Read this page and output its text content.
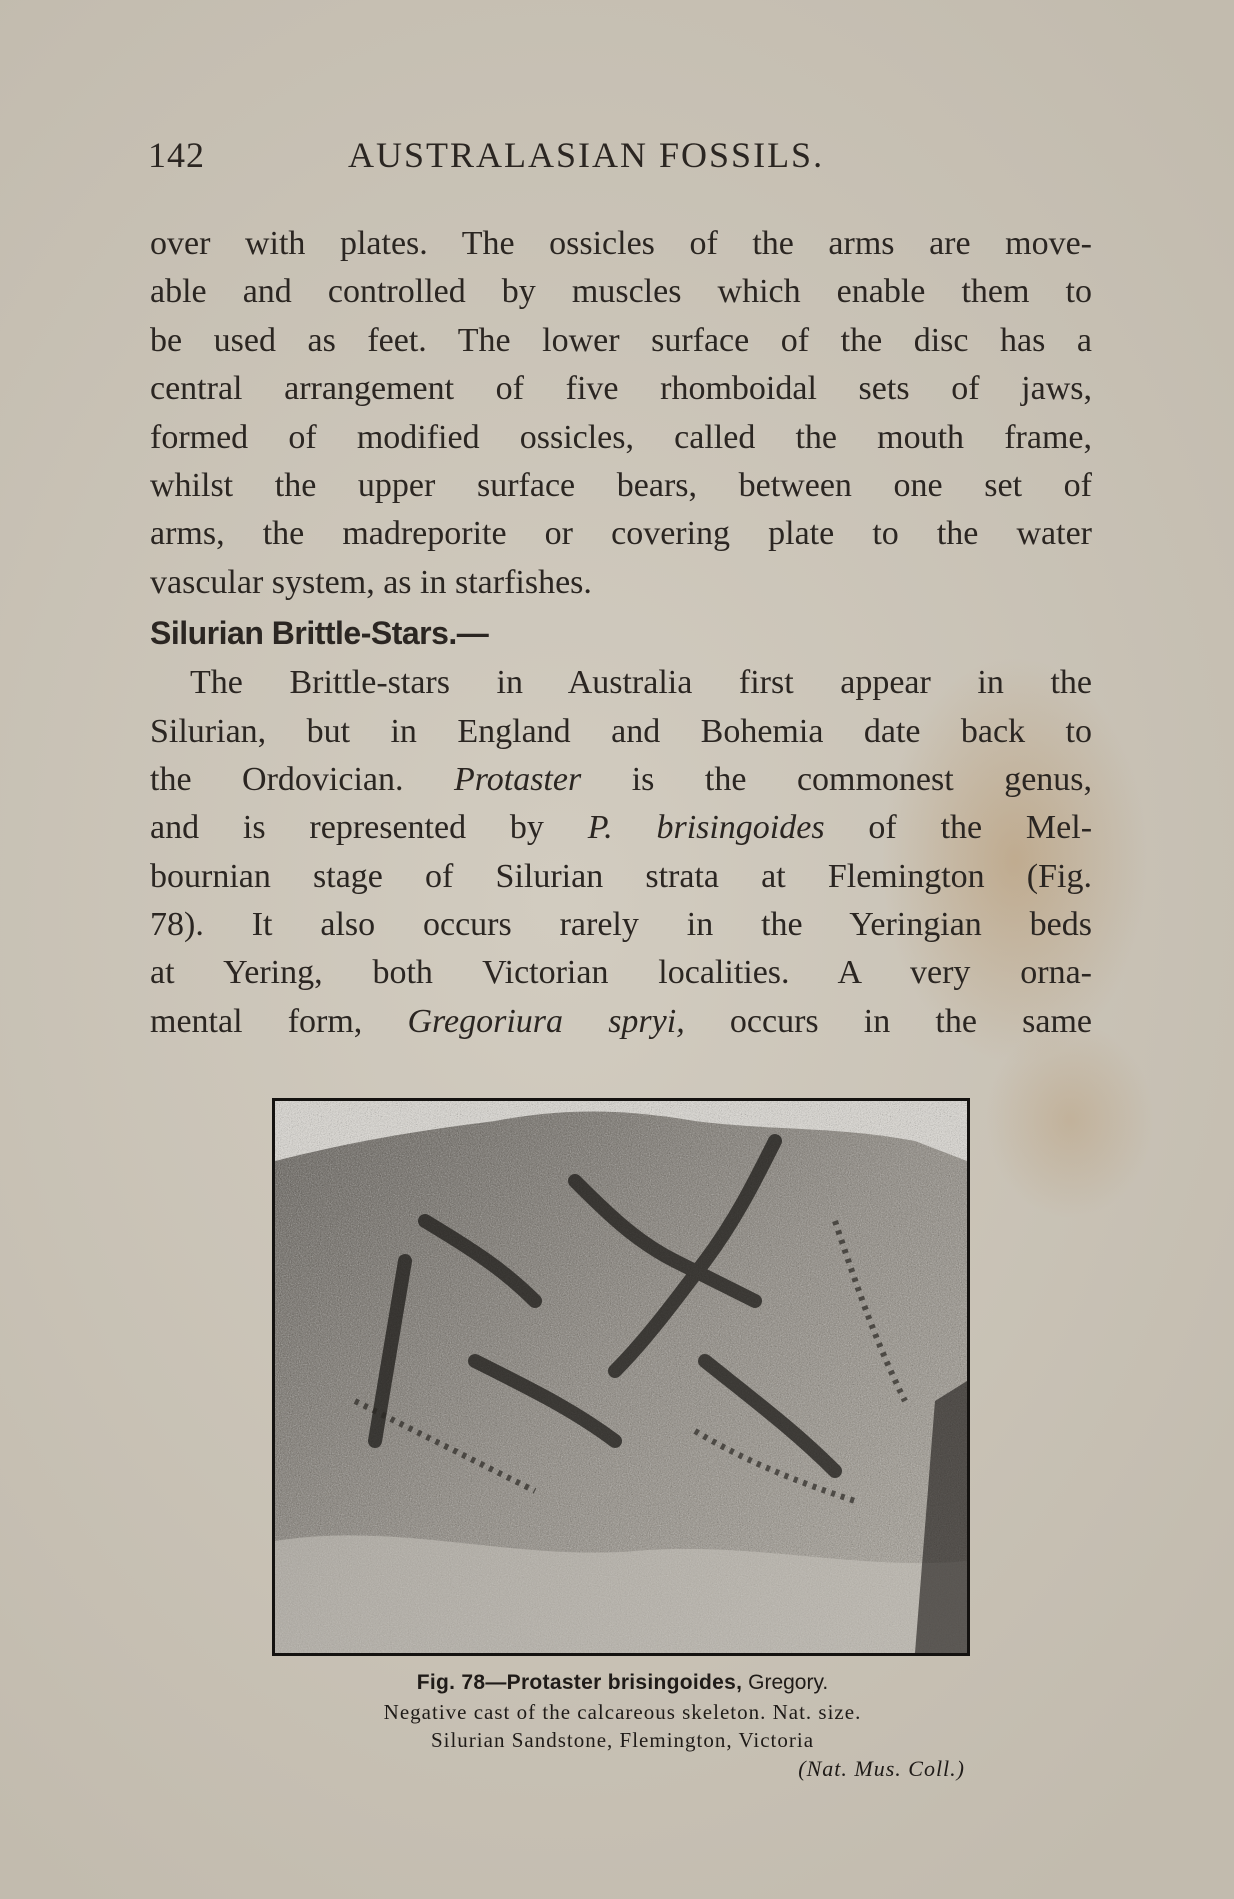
142	AUSTRALASIAN FOSSILS.
over with plates. The ossicles of the arms are move-
able and controlled by muscles which enable them to
be used as feet. The lower surface of the disc has a
central arrangement of five rhomboidal sets of jaws,
formed of modified ossicles, called the mouth frame,
whilst the upper surface bears, between one set of
arms, the madreporite or covering plate to the water
vascular system, as in starfishes.
Silurian Brittle-Stars.—
The Brittle-stars in Australia first appear in the
Silurian, but in England and Bohemia date back to
the Ordovician. Protaster is the commonest genus,
and is represented by P. brisingoides of the Mel-
bournian stage of Silurian strata at Flemington (Fig.
78). It also occurs rarely in the Yeringian beds
at Yering, both Victorian localities. A very orna-
mental form, Gregoriura spryi, occurs in the same
Fig. 78—Protaster brisingoides, Gregory.
Negative cast of the calcareous skeleton. Nat. size.
Silurian Sandstone, Flemington, Victoria
(Nat. Mus. Coll.)
